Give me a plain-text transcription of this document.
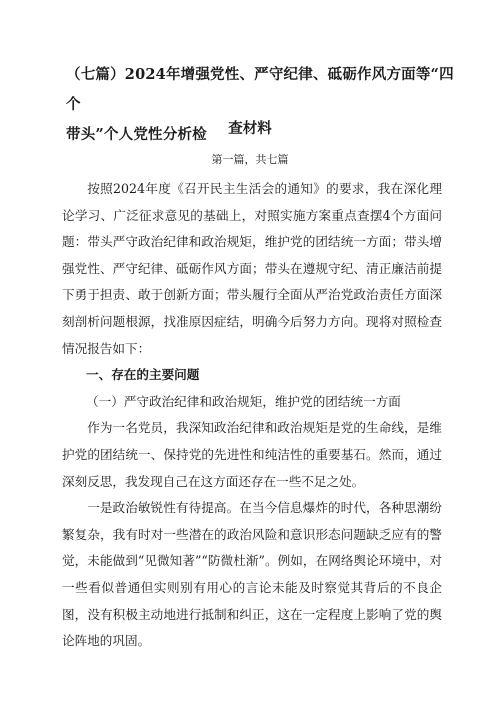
（七篇）2024年增强党性、严守纪律、砥砺作风方面等“四个
带头”个人党性分析检	查材料
第一篇，共七篇

按照2024年度《召开民主生活会的通知》的要求，我在深化理论学习、广泛征求意见的基础上，对照实施方案重点查摆4个方面问题：带头严守政治纪律和政治规矩，维护党的团结统一方面；带头增强党性、严守纪律、砥砺作风方面；带头在遵规守纪、清正廉洁前提下勇于担责、敢于创新方面；带头履行全面从严治党政治责任方面深刻剖析问题根源，找准原因症结，明确今后努力方向。现将对照检查情况报告如下：

一、存在的主要问题

（一）严守政治纪律和政治规矩，维护党的团结统一方面

作为一名党员，我深知政治纪律和政治规矩是党的生命线，是维护党的团结统一、保持党的先进性和纯洁性的重要基石。然而，通过深刻反思，我发现自己在这方面还存在一些不足之处。

一是政治敏锐性有待提高。在当今信息爆炸的时代，各种思潮纷繁复杂，我有时对一些潜在的政治风险和意识形态问题缺乏应有的警觉，未能做到“见微知著”“防微杜渐”。例如，在网络舆论环境中，对一些看似普通但实则别有用心的言论未能及时察觉其背后的不良企图，没有积极主动地进行抵制和纠正，这在一定程度上影响了党的舆论阵地的巩固。
